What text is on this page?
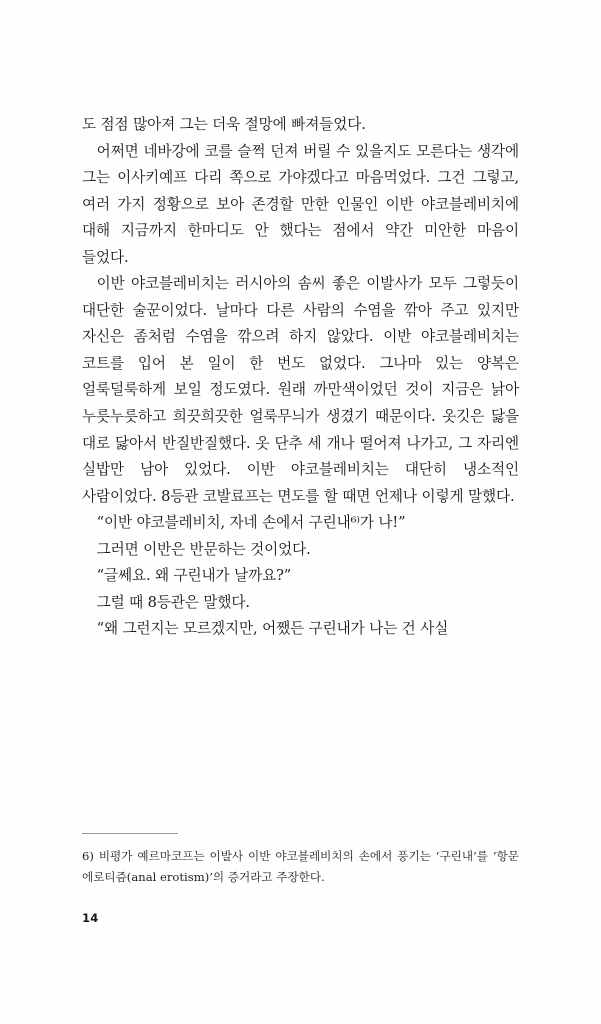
도 점점 많아져 그는 더욱 절망에 빠져들었다.

어쩌면 네바강에 코를 슬쩍 던져 버릴 수 있을지도 모른다는 생각에 그는 이사키예프 다리 쪽으로 가야겠다고 마음먹었다. 그건 그렇고, 여러 가지 정황으로 보아 존경할 만한 인물인 이반 야코블레비치에 대해 지금까지 한마디도 안 했다는 점에서 약간 미안한 마음이 들었다.

이반 야코블레비치는 러시아의 솜씨 좋은 이발사가 모두 그렇듯이 대단한 술꾼이었다. 날마다 다른 사람의 수염을 깎아 주고 있지만 자신은 좀처럼 수염을 깎으려 하지 않았다. 이반 야코블레비치는 코트를 입어 본 일이 한 번도 없었다. 그나마 있는 양복은 얼룩덜룩하게 보일 정도였다. 원래 까만색이었던 것이 지금은 낡아 누릇누릇하고 희끗희끗한 얼룩무늬가 생겼기 때문이다. 옷깃은 닳을 대로 닳아서 반질반질했다. 옷 단추 세 개나 떨어져 나가고, 그 자리엔 실밥만 남아 있었다. 이반 야코블레비치는 대단히 냉소적인 사람이었다. 8등관 코발료프는 면도를 할 때면 언제나 이렇게 말했다.

“이반 야코블레비치, 자네 손에서 구린내⁶⁾가 나!”

그러면 이반은 반문하는 것이었다.

“글쎄요. 왜 구린내가 날까요?”

그럴 때 8등관은 말했다.

“왜 그런지는 모르겠지만, 어쨌든 구린내가 나는 건 사실

6) 비평가 예르마코프는 이발사 이반 야코블레비치의 손에서 풍기는 ‘구린내’를 ‘항문 에로티즘(anal erotism)’의 증거라고 주장한다.

14
